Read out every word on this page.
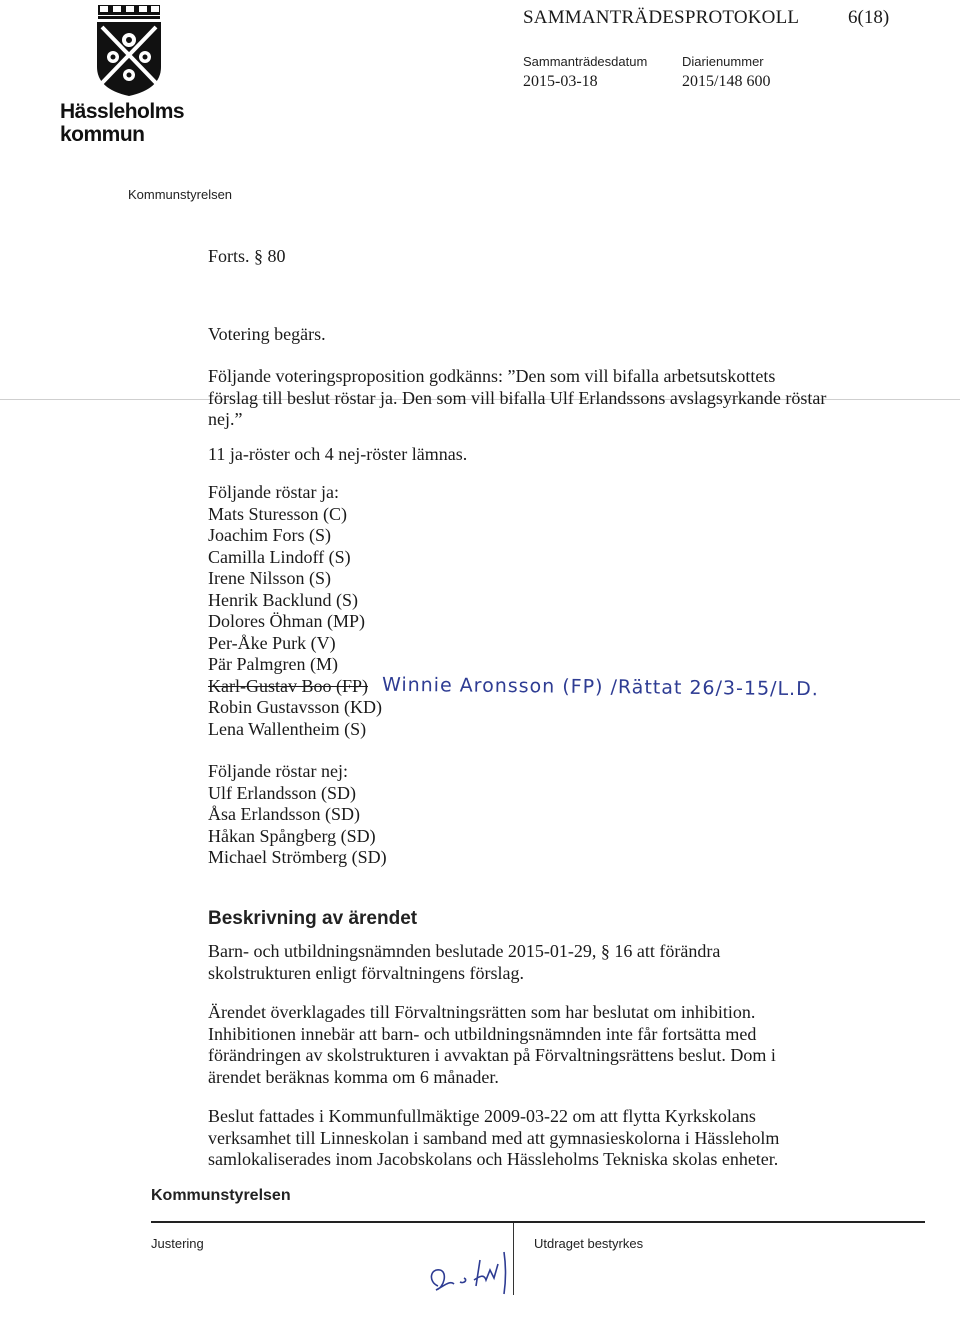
Hässleholms
kommun
SAMMANTRÄDESPROTOKOLL	6(18)
Sammanträdesdatum	Diarienummer
2015-03-18	2015/148 600
Kommunstyrelsen
Forts. § 80
Votering begärs.
Följande voteringsproposition godkänns: ”Den som vill bifalla arbetsutskottets förslag till beslut röstar ja. Den som vill bifalla Ulf Erlandssons avslagsyrkande röstar nej.”
11 ja-röster och 4 nej-röster lämnas.
Följande röstar ja:
Mats Sturesson (C)
Joachim Fors (S)
Camilla Lindoff (S)
Irene Nilsson (S)
Henrik Backlund (S)
Dolores Öhman (MP)
Per-Åke Purk (V)
Pär Palmgren (M)
Karl-Gustav Boo (FP)
Robin Gustavsson (KD)
Lena Wallentheim (S)
Winnie Aronsson (FP) /Rättat 26/3-15/L.D.
Följande röstar nej:
Ulf Erlandsson (SD)
Åsa Erlandsson (SD)
Håkan Spångberg (SD)
Michael Strömberg (SD)
Beskrivning av ärendet
Barn- och utbildningsnämnden beslutade 2015-01-29, § 16 att förändra skolstrukturen enligt förvaltningens förslag.
Ärendet överklagades till Förvaltningsrätten som har beslutat om inhibition. Inhibitionen innebär att barn- och utbildningsnämnden inte får fortsätta med förändringen av skolstrukturen i avvaktan på Förvaltningsrättens beslut. Dom i ärendet beräknas komma om 6 månader.
Beslut fattades i Kommunfullmäktige 2009-03-22 om att flytta Kyrkskolans verksamhet till Linneskolan i samband med att gymnasieskolorna i Hässleholm samlokaliserades inom Jacobskolans och Hässleholms Tekniska skolas enheter.
Kommunstyrelsen
Justering	Utdraget bestyrkes
